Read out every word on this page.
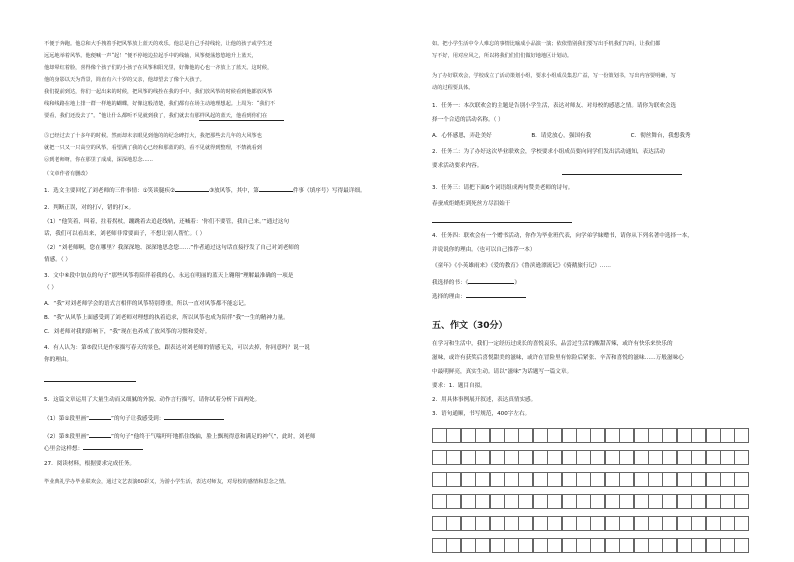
不便于奔跑。他总和大手拽着手把风筝放上蓝天的欢乐。他总是自己手持线轮，让他的孩子或学生还
远远地举着风筝。他便喊一声“起！”便不停地边拉起手中的线轴，风筝便荡悠悠地升上蓝天，
他却晕红着脸，喜得像个孩子们的小孩子在风筝和阳光里，好像他的心也一齐放上了蓝天。这时候，
他的身影以天为背景，简直有六十岁的父亲，他却望去了像个大孩子。
我们提前到达，你们一起出来的时候，把风筝的线拴在我的手中，我们放风筝的时候看到他都放风筝
线和线路在地上排一群一样地的蝴蝶，好像这般清楚，我们都有在场主动地理想起。上周为：“我们不
要看，我们还没去了”。“他让什么都听不见就到我了，我们就去有那样风起的蓝天，他看到你们在
⑤已经过去了十多年的时候。然而却未亲眼见到他的的纪念碑打大，我把那些去几年的大风筝也
就把一只又一只高空的风筝，看望满了我的心已经和那蓝的的，看不见就得到整理，不禁就看到
⑥到老师呀，你在那里了成成，深深地思念……
（文章作者有删改）
1．选文主要回忆了刘老师的三件事情：①笑谈腿疾②	③放风筝，其中，第	件事（填序号）写得最详细。
2．判断正误，对的打√，错的打×。
（1）“他笑着，叫着，拄着拐杖，蹦跳着去追赶线轨，还喊着：‘你们不要管，我自己来。’”通过这句
话，我们可以看出来，刘老师非常要面子，不想让别人帮忙。（ ）
（2）“刘老师啊，您在哪里？我深深地、深深地思念您……”作者通过这句话直接抒发了自己对刘老师的
情感。（ ）
3．文中⑥段中加点的句子“那些风筝将陪伴着我的心，永远在明丽的蓝天上翱翔”理解最准确的一项是
（ ）
A．“我”对刘老师学会的语式言相伴的风筝特别尊重，所以一直对风筝都不能忘记。
B．“我”从风筝上面感受到了刘老师对理想的执着追求，所以风筝也成为陪伴“我”一生的精神力量。
C．刘老师对我的影响下，“我”现在也养成了放风筝的习惯和爱好。
4．有人认为：第⑤段只是作家描写春天的景色，跟表达对刘老师的情感无关，可以去掉，你同意吗？说一说
你的理由。
5．这篇文章运用了大量生动而又细腻的外貌、动作言行描写，请你试着分析下面两处。
（1）第①段里画“	”的句子让我感受到：
（2）第⑤段里画“	”的句子“他终于气喘吁吁地抓住线轴，脸上飘现得意和满足的神气”，此时，刘老师
心里会这样想：
27．阅读材料，根据要求完成任务。
毕业典礼学办毕业联欢会，通过文艺表演60彩又，为游小学生活，表达对师友，对母校的感情和思念之情。
如。把小学生活中令人难忘的事情比喻成小品演一演；依依惜别我们要写出手机我们写吗，让我们都
写不好，用对应风之，所以将我们们们们做好地地区计划动。
为了办好联欢会，学校成立了活动策划小组，要求小组成员集思广益，写一份策划书，写出内容要明确，写
动的过程要具体。
1．任务一：本次联欢会的主题是告别小学生活，表达对师友、对母校的感恩之情。请你为联欢会选
择一个合适的活动名称。（ ）
A．心怀感恩，弄赴美好	B．请党放心，强国有我	C．彻丝舞台，我想我秀
2．任务二：为了办好这次毕业联欢会，学校要求小组成员要向同学们发出活动通知，表达活动
要求活动要求内容。
3．任务三：请把下面6个词语组成两句赞美老师的诗句。
春蚕成炬蜡炬到死丝方尽泪始干
4．任务四：联欢会有一个赠书活动，你作为毕业班代表，向学弟学妹赠书，请你从下列名著中选择一本，
并说说你的理由。（也可以自己推荐一本）
《童年》《小英雄雨来》《爱的教育》《鲁滨逊漂流记》《骑鹅旅行记》……
我选择的书：《	》
选择的理由：
五、作文（30分）
在学习和生活中，我们一定经历过成长的喜悦哀乐，品尝过生活的酸甜苦辣，或许有快乐来快乐的
滋味，或许有获奖后喜悦甜美的滋味，或许在冒险里有惊险后紧张、辛苦和喜悦的滋味……万般滋味心
中最明鲜亮，真实生动。请以“滋味”为话题写一篇文章。
要求：1．题目自拟。
2．用具体事例展开叙述，表达真情实感。
3．语句通顺，书写规范，400字左右。
